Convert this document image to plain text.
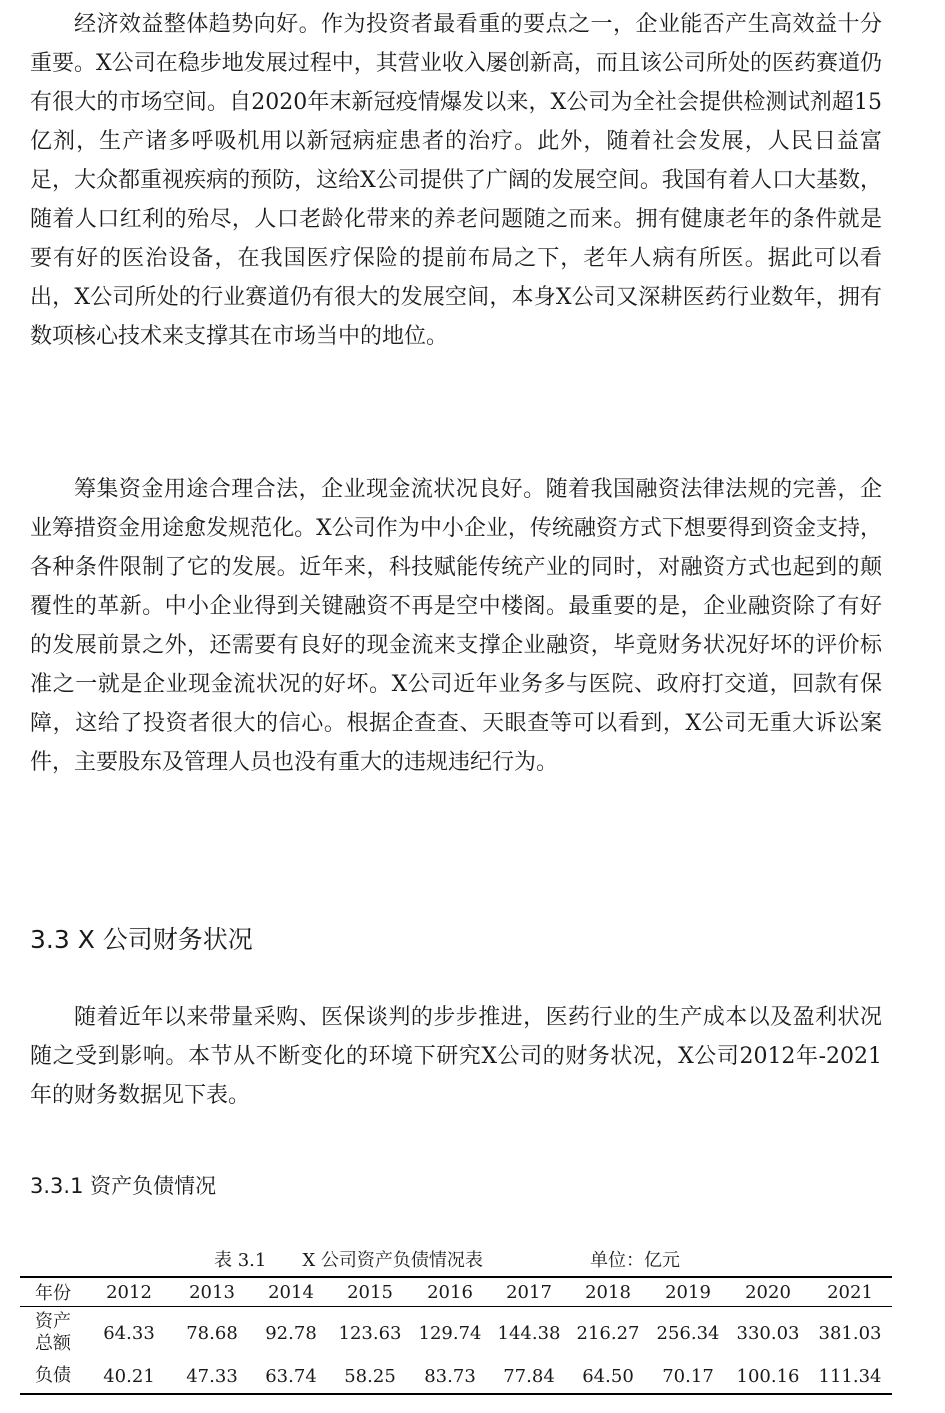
经济效益整体趋势向好。作为投资者最看重的要点之一，企业能否产生高效益十分重要。X公司在稳步地发展过程中，其营业收入屡创新高，而且该公司所处的医药赛道仍有很大的市场空间。自2020年末新冠疫情爆发以来，X公司为全社会提供检测试剂超15亿剂，生产诸多呼吸机用以新冠病症患者的治疗。此外，随着社会发展，人民日益富足，大众都重视疾病的预防，这给X公司提供了广阔的发展空间。我国有着人口大基数，随着人口红利的殆尽，人口老龄化带来的养老问题随之而来。拥有健康老年的条件就是要有好的医治设备，在我国医疗保险的提前布局之下，老年人病有所医。据此可以看出，X公司所处的行业赛道仍有很大的发展空间，本身X公司又深耕医药行业数年，拥有数项核心技术来支撑其在市场当中的地位。

筹集资金用途合理合法，企业现金流状况良好。随着我国融资法律法规的完善，企业筹措资金用途愈发规范化。X公司作为中小企业，传统融资方式下想要得到资金支持，各种条件限制了它的发展。近年来，科技赋能传统产业的同时，对融资方式也起到的颠覆性的革新。中小企业得到关键融资不再是空中楼阁。最重要的是，企业融资除了有好的发展前景之外，还需要有良好的现金流来支撑企业融资，毕竟财务状况好坏的评价标准之一就是企业现金流状况的好坏。X公司近年业务多与医院、政府打交道，回款有保障，这给了投资者很大的信心。根据企查查、天眼查等可以看到，X公司无重大诉讼案件，主要股东及管理人员也没有重大的违规违纪行为。

3.3 X 公司财务状况

随着近年以来带量采购、医保谈判的步步推进，医药行业的生产成本以及盈利状况随之受到影响。本节从不断变化的环境下研究X公司的财务状况，X公司2012年-2021年的财务数据见下表。

3.3.1 资产负债情况
表 3.1　　X 公司资产负债情况表	单位：亿元
年份	2012	2013	2014	2015	2016	2017	2018	2019	2020	2021

资产
总额	64.33	78.68	92.78	123.63	129.74	144.38	216.27	256.34	330.03	381.03
负债	40.21	47.33	63.74	58.25	83.73	77.84	64.50	70.17	100.16	111.34
